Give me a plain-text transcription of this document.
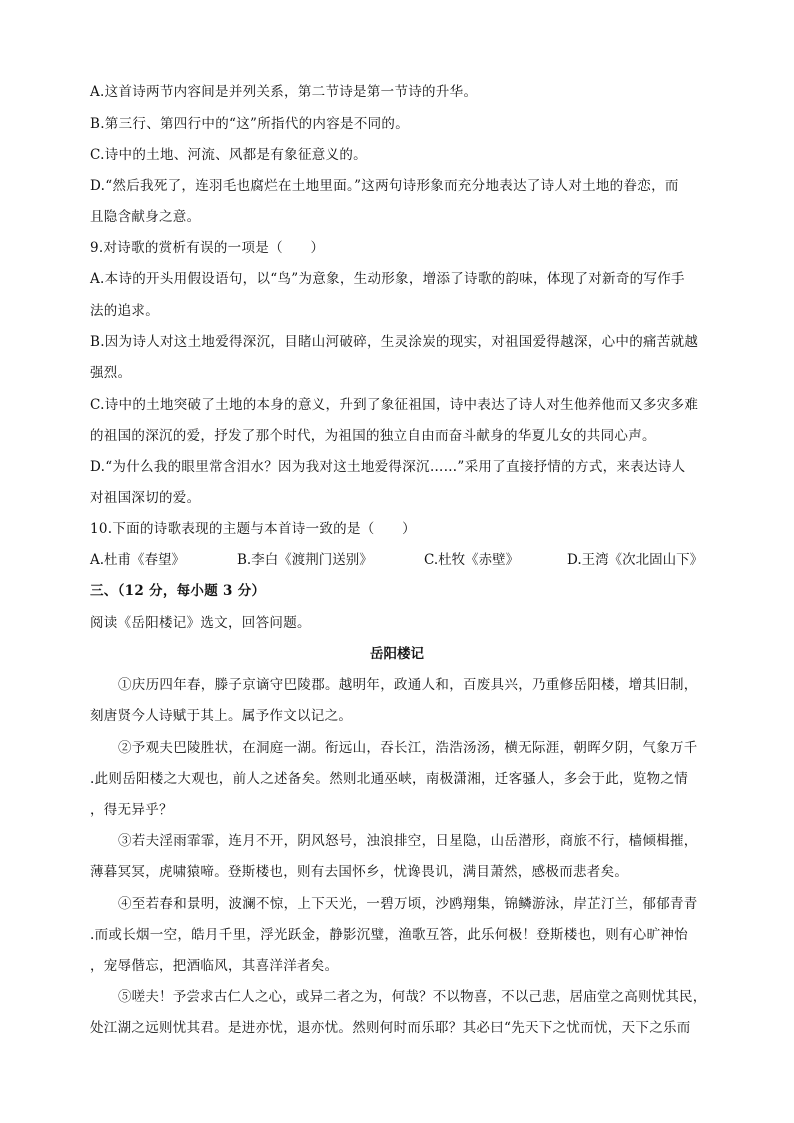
A.这首诗两节内容间是并列关系，第二节诗是第一节诗的升华。
B.第三行、第四行中的“这”所指代的内容是不同的。
C.诗中的土地、河流、风都是有象征意义的。
D.“然后我死了，连羽毛也腐烂在土地里面。”这两句诗形象而充分地表达了诗人对土地的眷恋，而
且隐含献身之意。
9.对诗歌的赏析有误的一项是（　　）
A.本诗的开头用假设语句，以“鸟”为意象，生动形象，增添了诗歌的韵味，体现了对新奇的写作手
法的追求。
B.因为诗人对这土地爱得深沉，目睹山河破碎，生灵涂炭的现实，对祖国爱得越深，心中的痛苦就越
强烈。
C.诗中的土地突破了土地的本身的意义，升到了象征祖国，诗中表达了诗人对生他养他而又多灾多难
的祖国的深沉的爱，抒发了那个时代，为祖国的独立自由而奋斗献身的华夏儿女的共同心声。
D.“为什么我的眼里常含泪水？因为我对这土地爱得深沉……”采用了直接抒情的方式，来表达诗人
对祖国深切的爱。
10.下面的诗歌表现的主题与本首诗一致的是（　　）
A.杜甫《春望》	B.李白《渡荆门送别》	C.杜牧《赤壁》	D.王湾《次北固山下》
三、（12 分，每小题 3 分）
阅读《岳阳楼记》选文，回答问题。
岳阳楼记
①庆历四年春，滕子京谪守巴陵郡。越明年，政通人和，百废具兴，乃重修岳阳楼，增其旧制，
刻唐贤今人诗赋于其上。属予作文以记之。
②予观夫巴陵胜状，在洞庭一湖。衔远山，吞长江，浩浩汤汤，横无际涯，朝晖夕阴，气象万千
.此则岳阳楼之大观也，前人之述备矣。然则北通巫峡，南极潇湘，迁客骚人，多会于此，览物之情
，得无异乎？
③若夫淫雨霏霏，连月不开，阴风怒号，浊浪排空，日星隐，山岳潜形，商旅不行，樯倾楫摧，
薄暮冥冥，虎啸猿啼。登斯楼也，则有去国怀乡，忧谗畏讥，满目萧然，感极而悲者矣。
④至若春和景明，波澜不惊，上下天光，一碧万顷，沙鸥翔集，锦鳞游泳，岸芷汀兰，郁郁青青
.而或长烟一空，皓月千里，浮光跃金，静影沉璧，渔歌互答，此乐何极！登斯楼也，则有心旷神怡
，宠辱偕忘，把酒临风，其喜洋洋者矣。
⑤嗟夫！予尝求古仁人之心，或异二者之为，何哉？不以物喜，不以己悲，居庙堂之高则忧其民，
处江湖之远则忧其君。是进亦忧，退亦忧。然则何时而乐耶？其必曰“先天下之忧而忧，天下之乐而
